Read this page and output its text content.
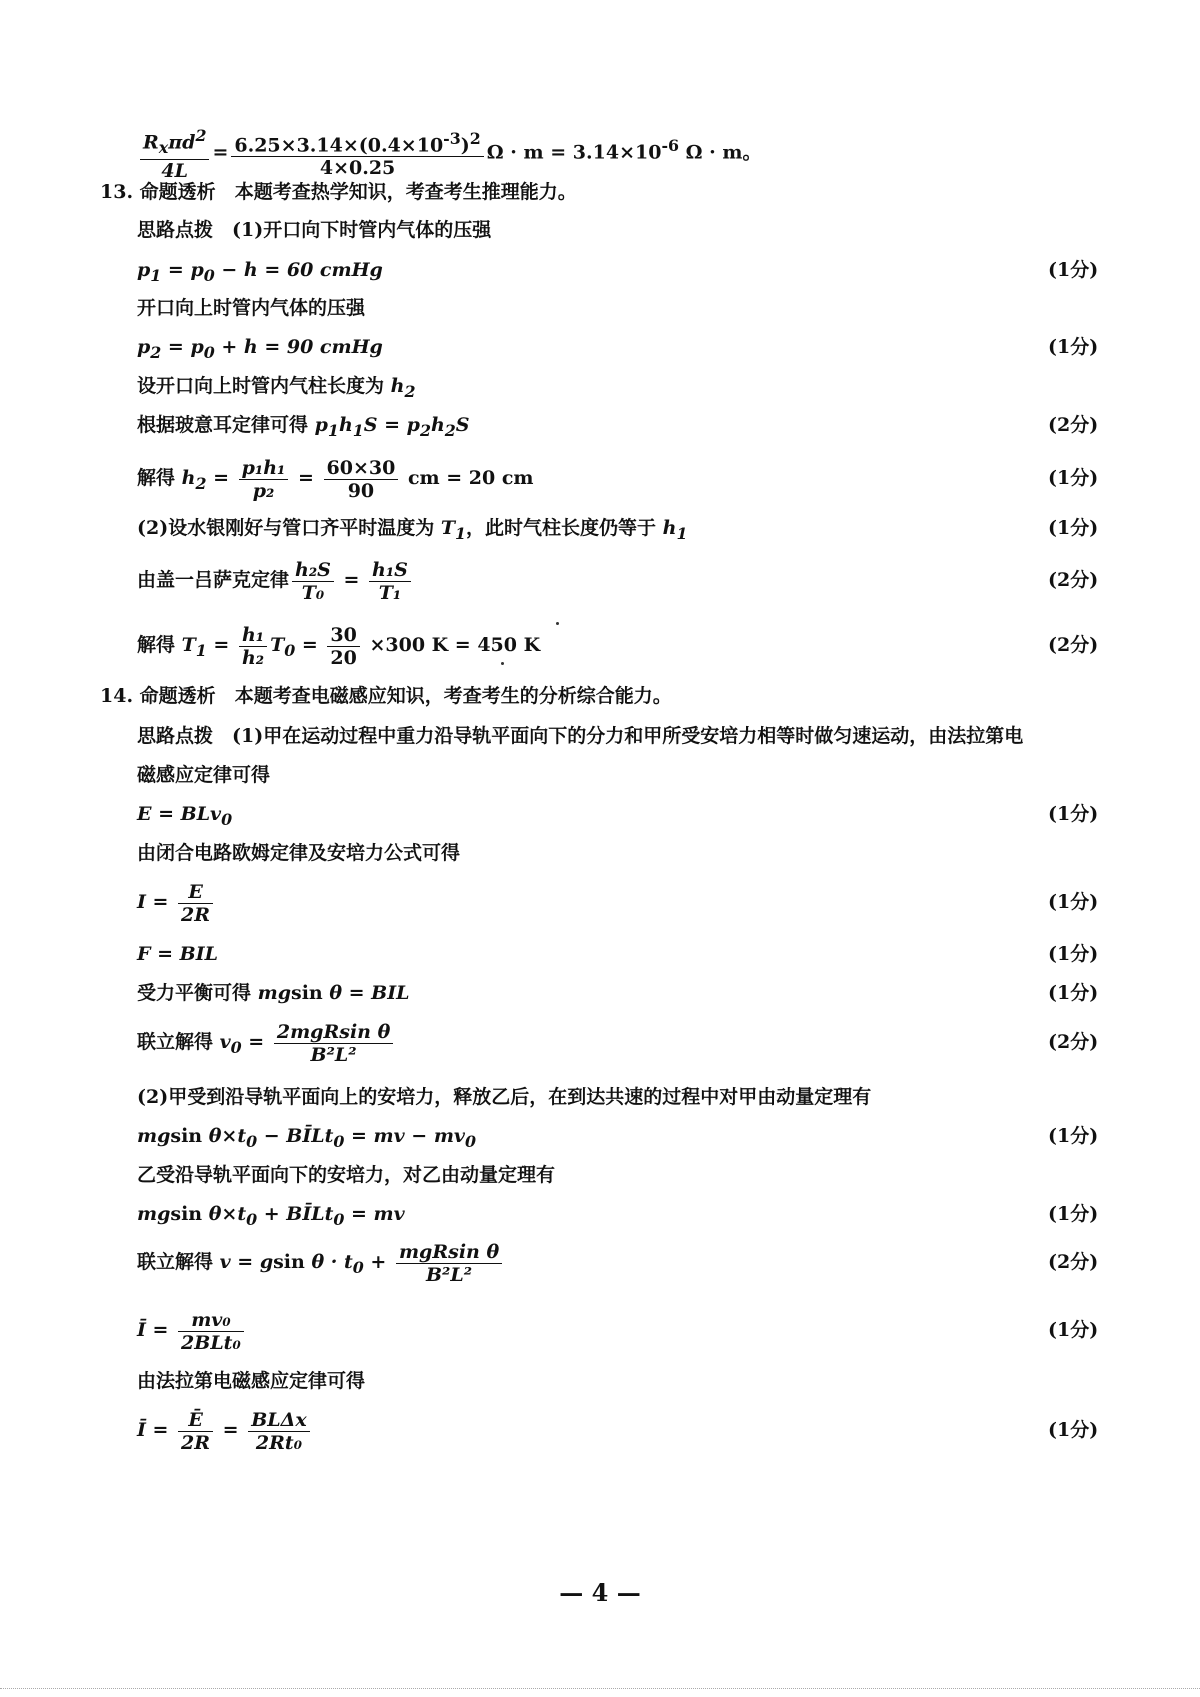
$\frac{R_x\pi d^2}{4L} = \frac{6.25\times 3.14\times(0.4\times 10^{-3})^2}{4\times 0.25}$ $\Omega \cdot m = 3.14\times 10^{-6}$ Ω · m。
13. 命题透析　 本题考查热学知识，考查考生推理能力。
思路点拨　 (1)开口向下时管内气体的压强
$p_1 = p_0 - h = 60$ cmHg	(1分)
开口向上时管内气体的压强
$p_2 = p_0 + h = 90$ cmHg	(1分)
设开口向上时管内气柱长度为 $h_2$
根据玻意耳定律可得 $p_1h_1S = p_2h_2S$	(2分)
解得 $h_2 = \frac{\text{p₁h₁}}{\text{p₂}} = \frac{60\times 30}{90}$ cm = 20 cm	(1分)
(2)设水银刚好与管口齐平时温度为 $T_1$，此时气柱长度仍等于 $h_1$	(1分)
由盖一吕萨克定律 $\frac{\text{h₂S}}{\text{T₀}} = \frac{\text{h₁S}}{\text{T₁}}$	(2分)
解得 $T_1 = \frac{\text{h₁}}{\text{h₂}} T_0 = \frac{30}{20} \times 300$ K = 450 K	(2分)
14. 命题透析　 本题考查电磁感应知识，考查考生的分析综合能力。
思路点拨　 (1)甲在运动过程中重力沿导轨平面向下的分力和甲所受安培力相等时做匀速运动，由法拉第电
磁感应定律可得
E = BLv$_0$	(1分)
由闭合电路欧姆定律及安培力公式可得
$I = \frac{E}{2R}$	(1分)
F = BIL	(1分)
受力平衡可得 mgsin θ = BIL	(1分)
联立解得 $v_0 = \frac{\text{2mgRsin θ}}{\text{B²L²}}$	(2分)
(2)甲受到沿导轨平面向上的安培力，释放乙后，在到达共速的过程中对甲由动量定理有
mgsin $\theta\times t_0$ − BĪLt$_0$ = mv − $mv_0$	(1分)
乙受沿导轨平面向下的安培力，对乙由动量定理有
mgsin $\theta\times t_0$ + BĪLt$_0$ = mv	(1分)
联立解得 v = gsin $\theta \cdot t_0 + \frac{\text{mgRsin θ}}{\text{B²L²}}$	(2分)
Ī = $\frac{\text{mv₀}}{\text{2BLt₀}}$	(1分)
由法拉第电磁感应定律可得
Ī = $\frac{Ē}{2R} = \frac{\text{BLΔx}}{\text{2Rt₀}}$	(1分)
— 4 —
